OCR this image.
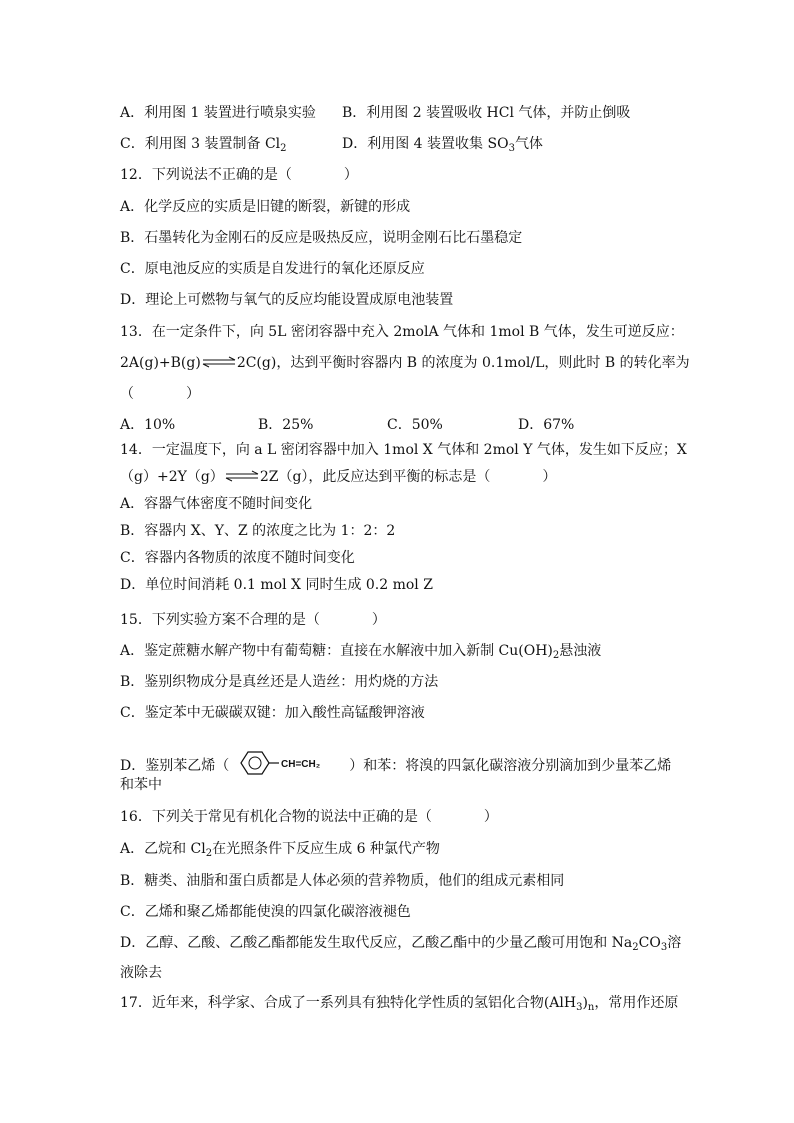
A．利用图 1 装置进行喷泉实验 B．利用图 2 装置吸收 HCl 气体，并防止倒吸
C．利用图 3 装置制备 $Cl_2$	D．利用图 4 装置收集 $SO_3$气体
12．下列说法不正确的是（	）
A．化学反应的实质是旧键的断裂，新键的形成
B．石墨转化为金刚石的反应是吸热反应，说明金刚石比石墨稳定
C．原电池反应的实质是自发进行的氧化还原反应
D．理论上可燃物与氧气的反应均能设置成原电池装置
13．在一定条件下，向 5L 密闭容器中充入 2molA 气体和 1mol B 气体，发生可逆反应：
2A(g)+B(g)⇌2C(g)，达到平衡时容器内 B 的浓度为 0.1mol/L，则此时 B 的转化率为
（	）
A．10%	B．25%	C．50%	D．67%
14．一定温度下，向 a L 密闭容器中加入 1mol X 气体和 2mol Y 气体，发生如下反应；X
（g）+2Y（g）⇌2Z（g），此反应达到平衡的标志是（	）
A．容器气体密度不随时间变化
B．容器内 X、Y、Z 的浓度之比为 1：2：2
C．容器内各物质的浓度不随时间变化
D．单位时间消耗 0.1 mol X 同时生成 0.2 mol Z
15．下列实验方案不合理的是（	）
A．鉴定蔗糖水解产物中有葡萄糖：直接在水解液中加入新制 $Cu(OH)_2$悬浊液
B．鉴别织物成分是真丝还是人造丝：用灼烧的方法
C．鉴定苯中无碳碳双键：加入酸性高锰酸钾溶液
D．鉴别苯乙烯（	CH=CH₂ ）和苯：将溴的四氯化碳溶液分别滴加到少量苯乙烯
和苯中
16．下列关于常见有机化合物的说法中正确的是（	）
A．乙烷和 $Cl_2$在光照条件下反应生成 6 种氯代产物
B．糖类、油脂和蛋白质都是人体必须的营养物质，他们的组成元素相同
C．乙烯和聚乙烯都能使溴的四氯化碳溶液褪色
D．乙醇、乙酸、乙酸乙酯都能发生取代反应，乙酸乙酯中的少量乙酸可用饱和 $Na_2CO_3$溶
液除去
17．近年来，科学家、合成了一系列具有独特化学性质的氢铝化合物$(AlH_3)_n$，常用作还原
